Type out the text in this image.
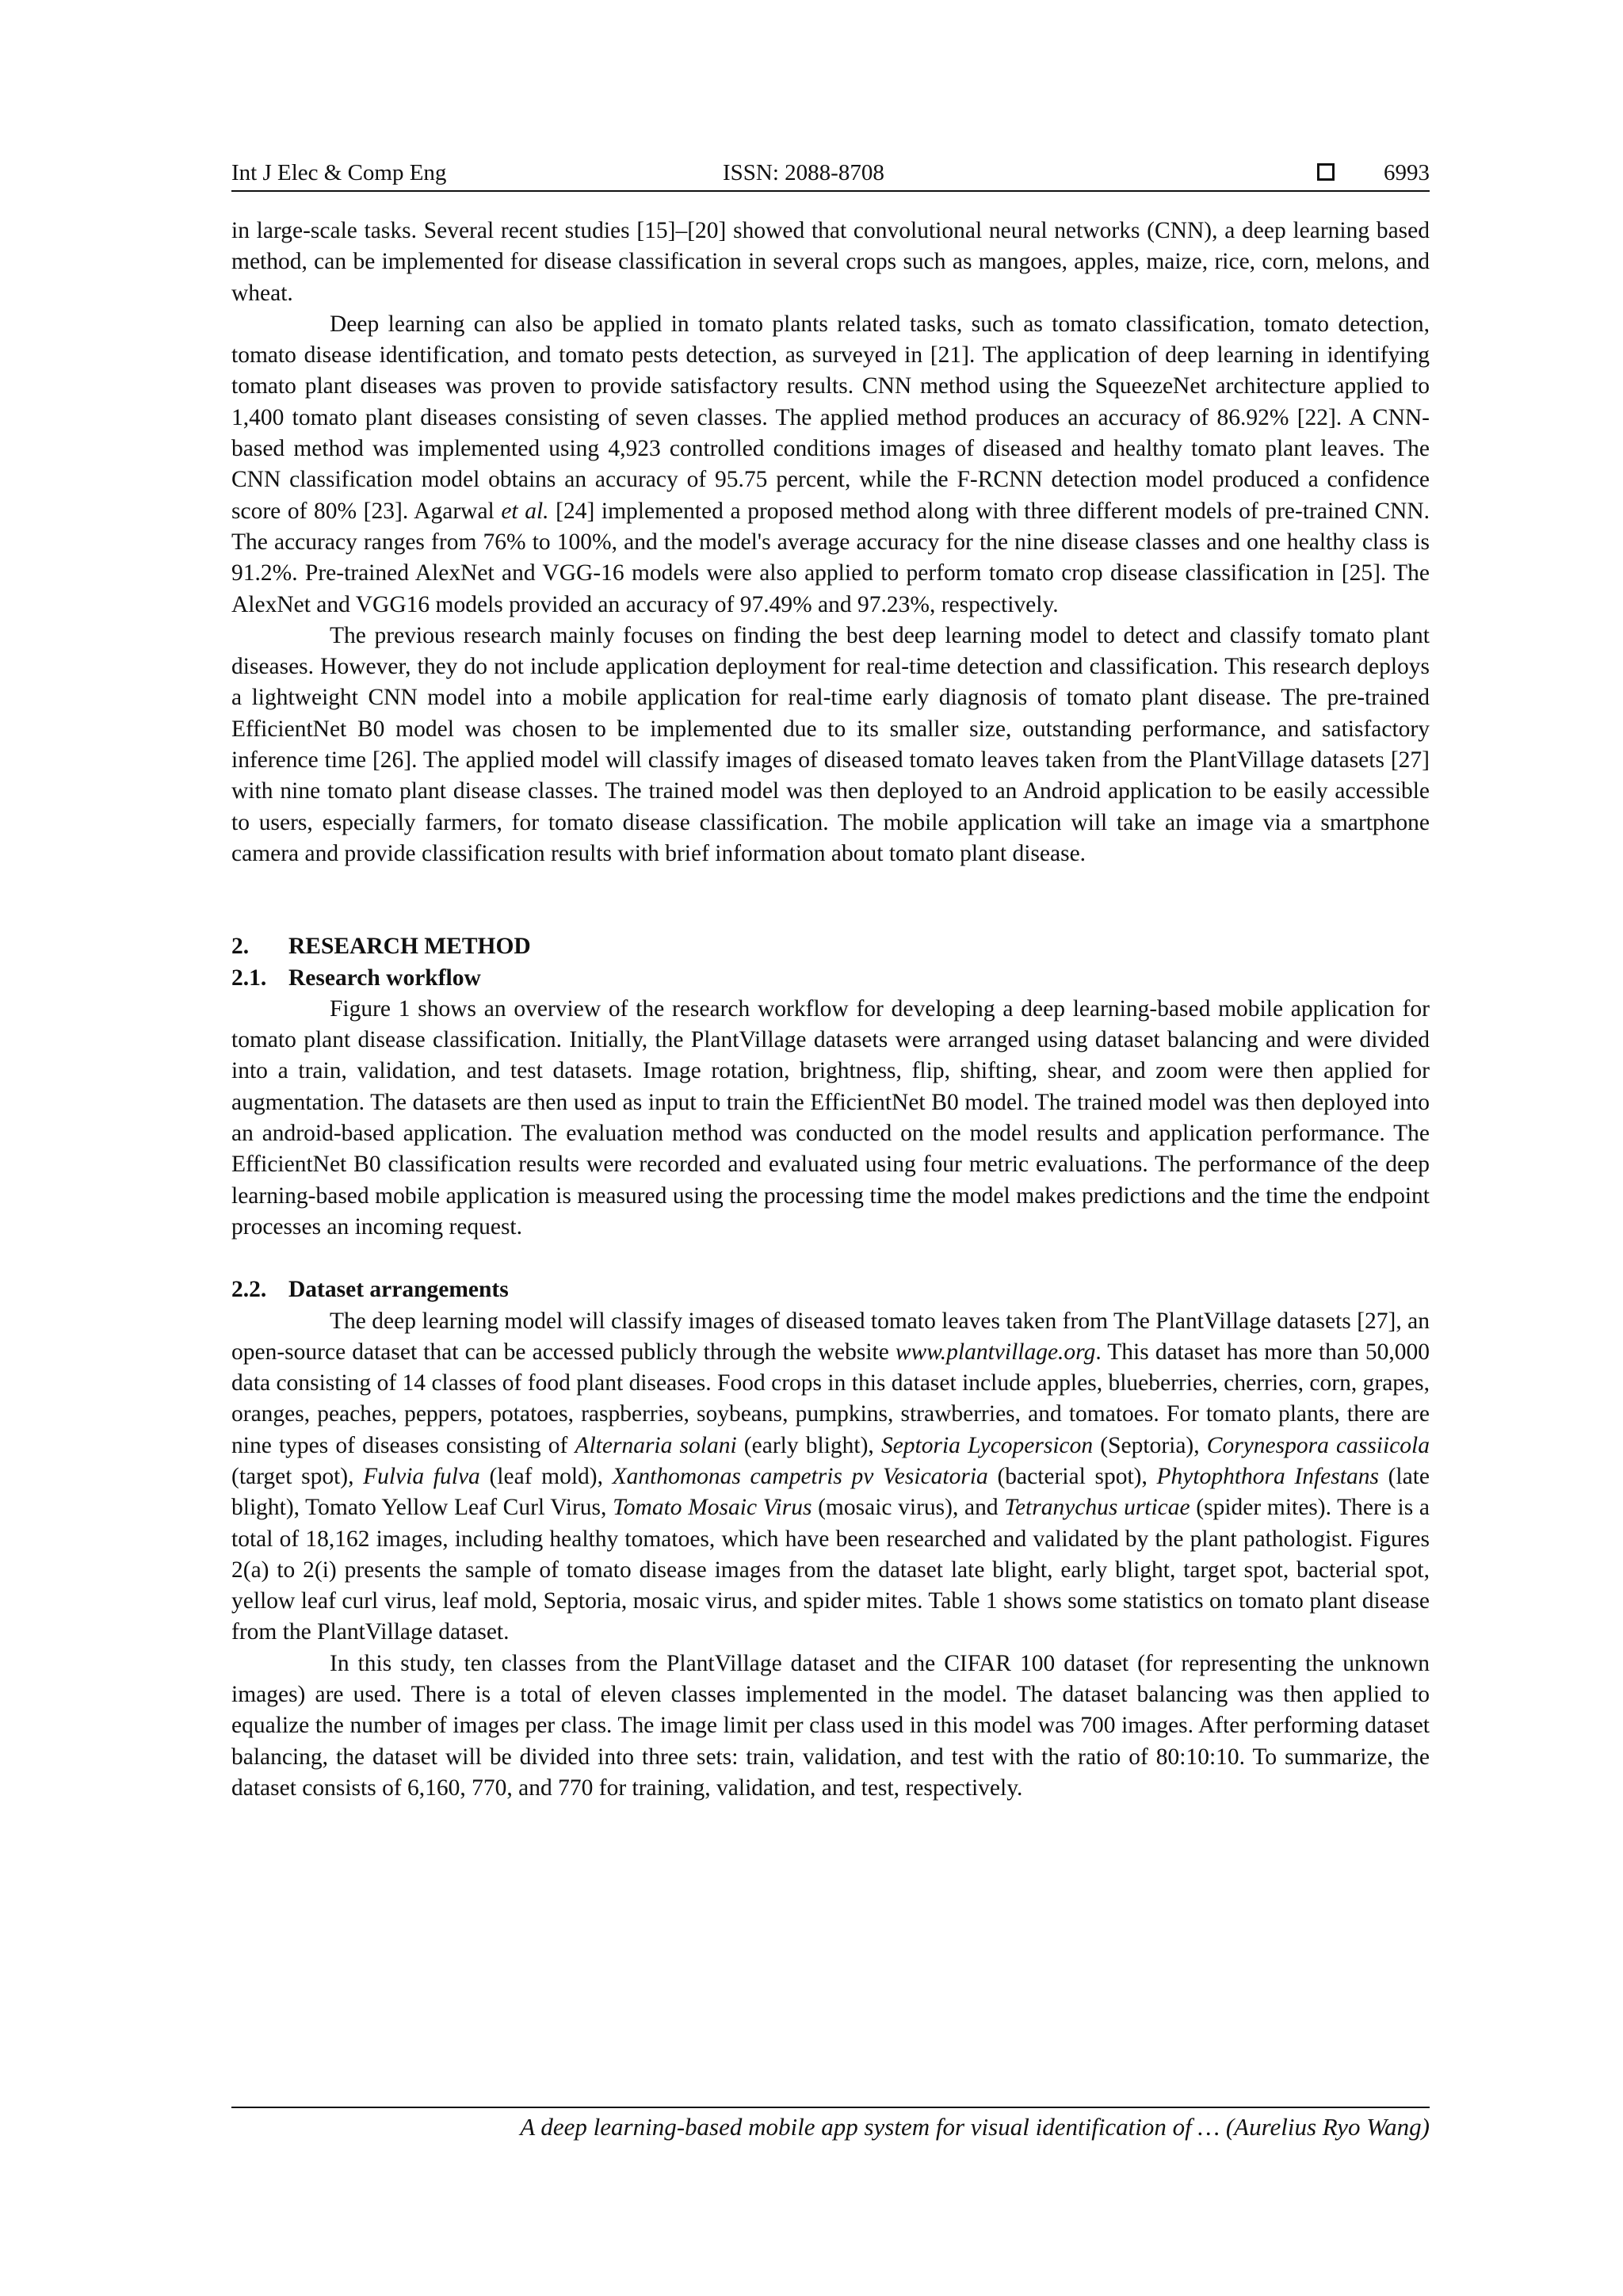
Int J Elec & Comp Eng	ISSN: 2088-8708	6993

in large-scale tasks. Several recent studies [15]–[20] showed that convolutional neural networks (CNN), a deep learning based method, can be implemented for disease classification in several crops such as mangoes, apples, maize, rice, corn, melons, and wheat.

Deep learning can also be applied in tomato plants related tasks, such as tomato classification, tomato detection, tomato disease identification, and tomato pests detection, as surveyed in [21]. The application of deep learning in identifying tomato plant diseases was proven to provide satisfactory results. CNN method using the SqueezeNet architecture applied to 1,400 tomato plant diseases consisting of seven classes. The applied method produces an accuracy of 86.92% [22]. A CNN-based method was implemented using 4,923 controlled conditions images of diseased and healthy tomato plant leaves. The CNN classification model obtains an accuracy of 95.75 percent, while the F-RCNN detection model produced a confidence score of 80% [23]. Agarwal et al. [24] implemented a proposed method along with three different models of pre-trained CNN. The accuracy ranges from 76% to 100%, and the model's average accuracy for the nine disease classes and one healthy class is 91.2%. Pre-trained AlexNet and VGG-16 models were also applied to perform tomato crop disease classification in [25]. The AlexNet and VGG16 models provided an accuracy of 97.49% and 97.23%, respectively.

The previous research mainly focuses on finding the best deep learning model to detect and classify tomato plant diseases. However, they do not include application deployment for real-time detection and classification. This research deploys a lightweight CNN model into a mobile application for real-time early diagnosis of tomato plant disease. The pre-trained EfficientNet B0 model was chosen to be implemented due to its smaller size, outstanding performance, and satisfactory inference time [26]. The applied model will classify images of diseased tomato leaves taken from the PlantVillage datasets [27] with nine tomato plant disease classes. The trained model was then deployed to an Android application to be easily accessible to users, especially farmers, for tomato disease classification. The mobile application will take an image via a smartphone camera and provide classification results with brief information about tomato plant disease.

2. RESEARCH METHOD
2.1. Research workflow

Figure 1 shows an overview of the research workflow for developing a deep learning-based mobile application for tomato plant disease classification. Initially, the PlantVillage datasets were arranged using dataset balancing and were divided into a train, validation, and test datasets. Image rotation, brightness, flip, shifting, shear, and zoom were then applied for augmentation. The datasets are then used as input to train the EfficientNet B0 model. The trained model was then deployed into an android-based application. The evaluation method was conducted on the model results and application performance. The EfficientNet B0 classification results were recorded and evaluated using four metric evaluations. The performance of the deep learning-based mobile application is measured using the processing time the model makes predictions and the time the endpoint processes an incoming request.

2.2. Dataset arrangements

The deep learning model will classify images of diseased tomato leaves taken from The PlantVillage datasets [27], an open-source dataset that can be accessed publicly through the website www.plantvillage.org. This dataset has more than 50,000 data consisting of 14 classes of food plant diseases. Food crops in this dataset include apples, blueberries, cherries, corn, grapes, oranges, peaches, peppers, potatoes, raspberries, soybeans, pumpkins, strawberries, and tomatoes. For tomato plants, there are nine types of diseases consisting of Alternaria solani (early blight), Septoria Lycopersicon (Septoria), Corynespora cassiicola (target spot), Fulvia fulva (leaf mold), Xanthomonas campetris pv Vesicatoria (bacterial spot), Phytophthora Infestans (late blight), Tomato Yellow Leaf Curl Virus, Tomato Mosaic Virus (mosaic virus), and Tetranychus urticae (spider mites). There is a total of 18,162 images, including healthy tomatoes, which have been researched and validated by the plant pathologist. Figures 2(a) to 2(i) presents the sample of tomato disease images from the dataset late blight, early blight, target spot, bacterial spot, yellow leaf curl virus, leaf mold, Septoria, mosaic virus, and spider mites. Table 1 shows some statistics on tomato plant disease from the PlantVillage dataset.

In this study, ten classes from the PlantVillage dataset and the CIFAR 100 dataset (for representing the unknown images) are used. There is a total of eleven classes implemented in the model. The dataset balancing was then applied to equalize the number of images per class. The image limit per class used in this model was 700 images. After performing dataset balancing, the dataset will be divided into three sets: train, validation, and test with the ratio of 80:10:10. To summarize, the dataset consists of 6,160, 770, and 770 for training, validation, and test, respectively.

A deep learning-based mobile app system for visual identification of … (Aurelius Ryo Wang)
